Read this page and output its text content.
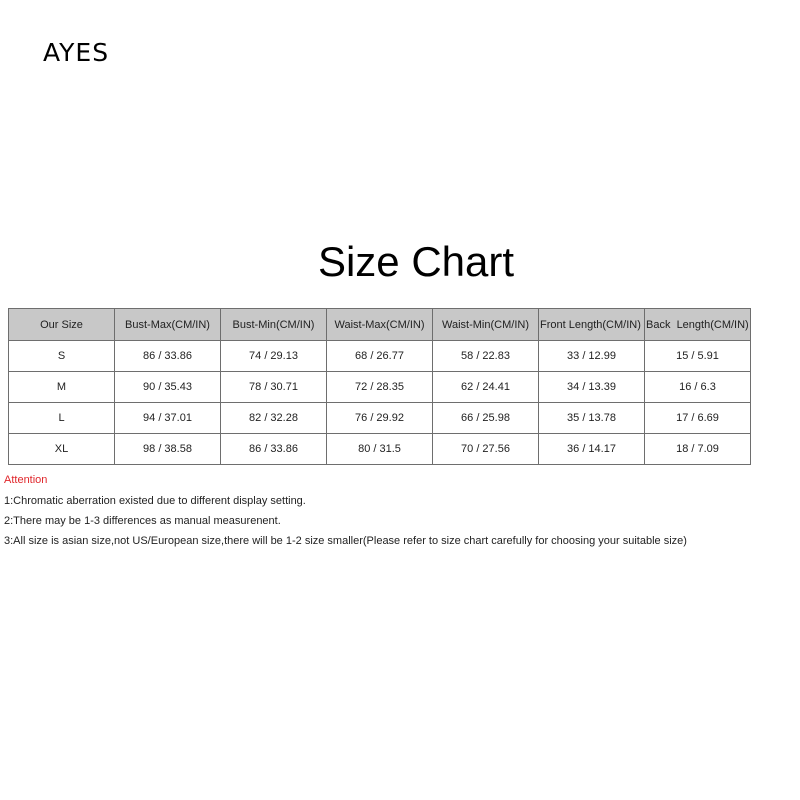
AYES
Size Chart
Our Size	Bust-Max(CM/IN)	Bust-Min(CM/IN)	Waist-Max(CM/IN)	Waist-Min(CM/IN)	Front Length(CM/IN)	Back  Length(CM/IN)
S	86 / 33.86	74 / 29.13	68 / 26.77	58 / 22.83	33 / 12.99	15 / 5.91
M	90 / 35.43	78 / 30.71	72 / 28.35	62 / 24.41	34 / 13.39	16 / 6.3
L	94 / 37.01	82 / 32.28	76 / 29.92	66 / 25.98	35 / 13.78	17 / 6.69
XL	98 / 38.58	86 / 33.86	80 / 31.5	70 / 27.56	36 / 14.17	18 / 7.09
Attention
1:Chromatic aberration existed due to different display setting.
2:There may be 1-3 differences as manual measurenent.
3:All size is asian size,not US/European size,there will be 1-2 size smaller(Please refer to size chart carefully for choosing your suitable size)
